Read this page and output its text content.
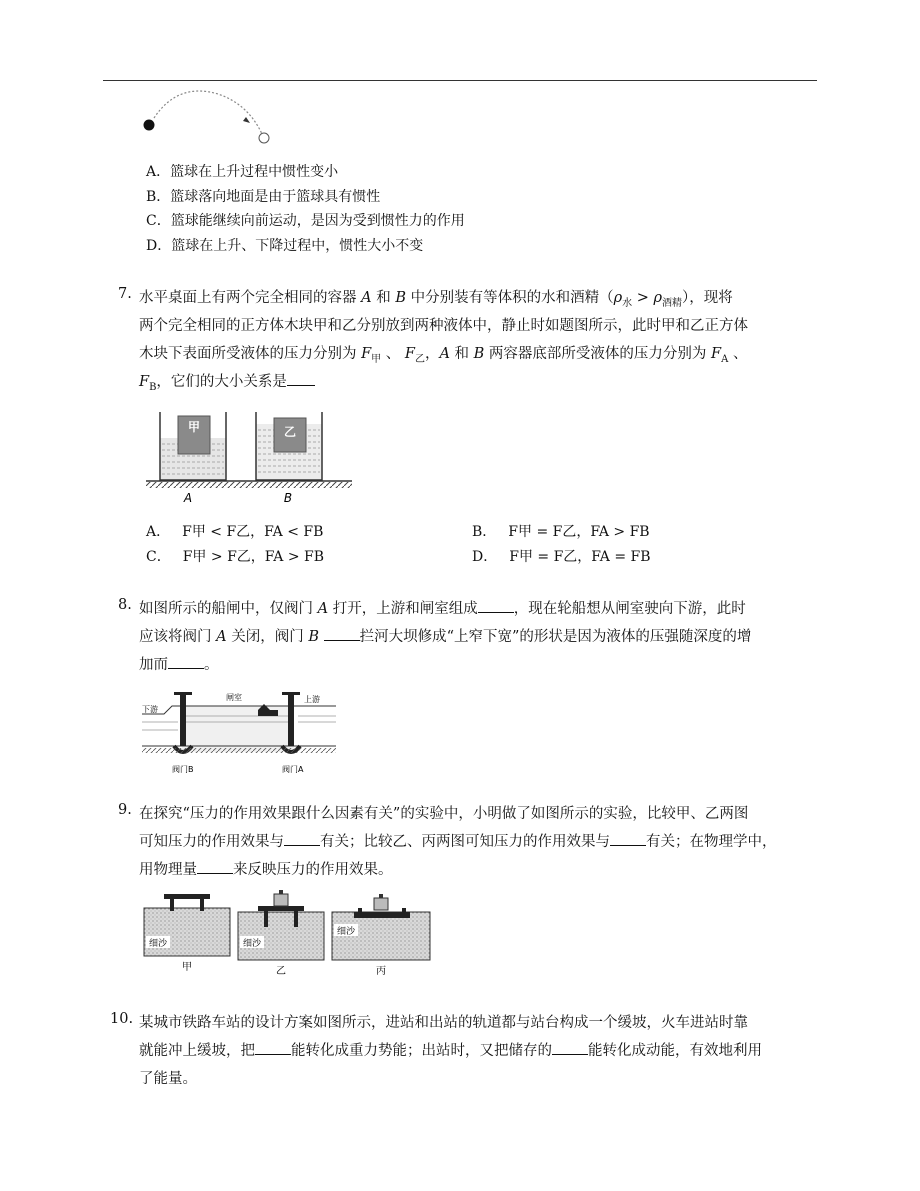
A．篮球在上升过程中惯性变小
B．篮球落向地面是由于篮球具有惯性
C．篮球能继续向前运动，是因为受到惯性力的作用
D．篮球在上升、下降过程中，惯性大小不变
7. 水平桌面上有两个完全相同的容器 A 和 B 中分别装有等体积的水和酒精$(\rho_水 > \rho_{酒精})$，现将
两个完全相同的正方体木块甲和乙分别放到两种液体中，静止时如题图所示，此时甲和乙正方体
木块下表面所受液体的压力分别为 $F_甲$ 、 $F_乙$，A 和 B 两容器底部所受液体的压力分别为 $F_A$ 、
$F_B$，它们的大小关系是
甲	乙
A	B
A． F甲 < F乙，FA < FB	B． F甲 = F乙，FA > FB
C． F甲 > F乙，FA > FB	D． F甲 = F乙，FA = FB
8. 如图所示的船闸中，仅阀门 A 打开，上游和闸室组成 ，现在轮船想从闸室驶向下游，此时
应该将阀门 A 关闭，阀门 B	拦河大坝修成“上窄下宽”的形状是因为液体的压强随深度的增
加而 。
闸室	上游
下游
阀门B	阀门A
9. 在探究“压力的作用效果跟什么因素有关”的实验中，小明做了如图所示的实验，比较甲、乙两图
可知压力的作用效果与 有关；比较乙、丙两图可知压力的作用效果与 有关；在物理学中，
用物理量 来反映压力的作用效果。
细沙
甲
细沙
乙
细沙
丙
10. 某城市铁路车站的设计方案如图所示，进站和出站的轨道都与站台构成一个缓坡，火车进站时靠
就能冲上缓坡，把 能转化成重力势能；出站时，又把储存的 能转化成动能，有效地利用
了能量。
